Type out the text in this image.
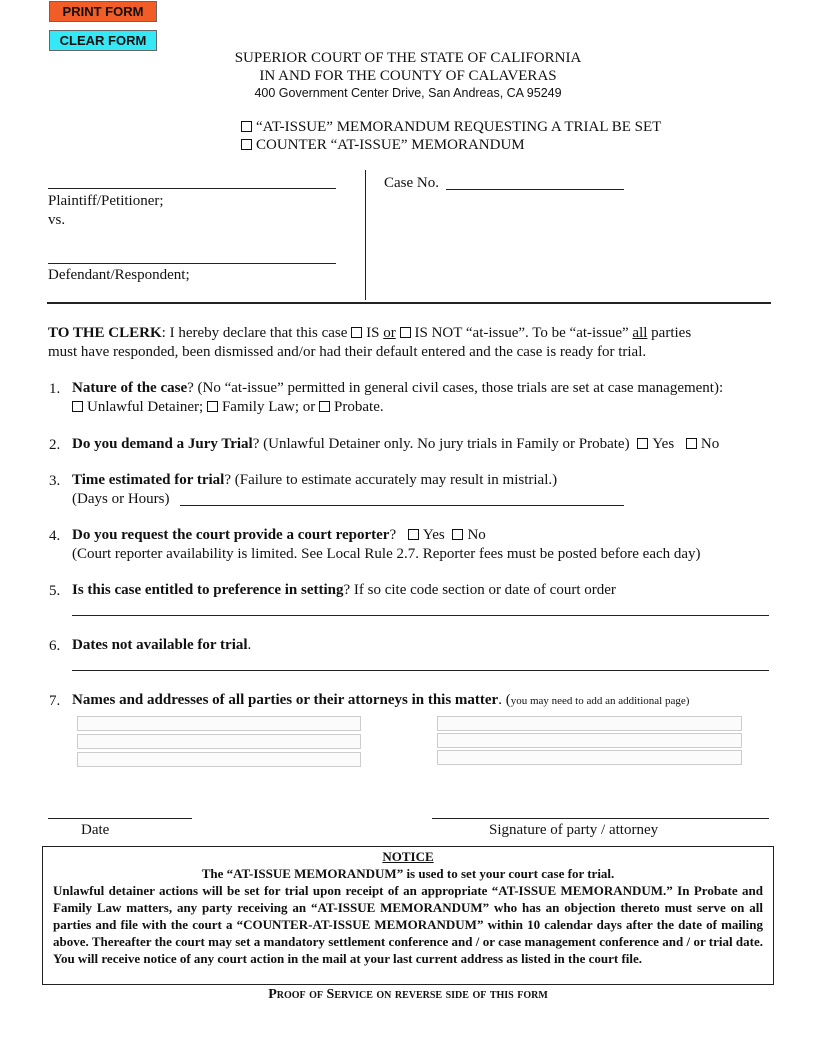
PRINT FORM
CLEAR FORM
SUPERIOR COURT OF THE STATE OF CALIFORNIA
IN AND FOR THE COUNTY OF CALAVERAS
400 Government Center Drive, San Andreas, CA 95249
“AT-ISSUE” MEMORANDUM REQUESTING A TRIAL BE SET
COUNTER “AT-ISSUE” MEMORANDUM
Plaintiff/Petitioner;
vs.
Defendant/Respondent;
Case No.
TO THE CLERK: I hereby declare that this case IS or IS NOT “at-issue”. To be “at-issue” all parties
must have responded, been dismissed and/or had their default entered and the case is ready for trial.
1. Nature of the case? (No “at-issue” permitted in general civil cases, those trials are set at case management):
Unlawful Detainer; Family Law; or Probate.
2. Do you demand a Jury Trial? (Unlawful Detainer only. No jury trials in Family or Probate) Yes No
3. Time estimated for trial? (Failure to estimate accurately may result in mistrial.)
(Days or Hours)
4. Do you request the court provide a court reporter? Yes No
(Court reporter availability is limited. See Local Rule 2.7. Reporter fees must be posted before each day)
5. Is this case entitled to preference in setting? If so cite code section or date of court order
6. Dates not available for trial.
7. Names and addresses of all parties or their attorneys in this matter. (you may need to add an additional page)
Date	Signature of party / attorney
NOTICE
The “AT-ISSUE MEMORANDUM” is used to set your court case for trial.
Unlawful detainer actions will be set for trial upon receipt of an appropriate “AT-ISSUE MEMORANDUM.” In Probate and Family Law matters, any party receiving an “AT-ISSUE MEMORANDUM” who has an objection thereto must serve on all parties and file with the court a “COUNTER-AT-ISSUE MEMORANDUM” within 10 calendar days after the date of mailing above. Thereafter the court may set a mandatory settlement conference and / or case management conference and / or trial date. You will receive notice of any court action in the mail at your last current address as listed in the court file.
Proof of Service on reverse side of this form
